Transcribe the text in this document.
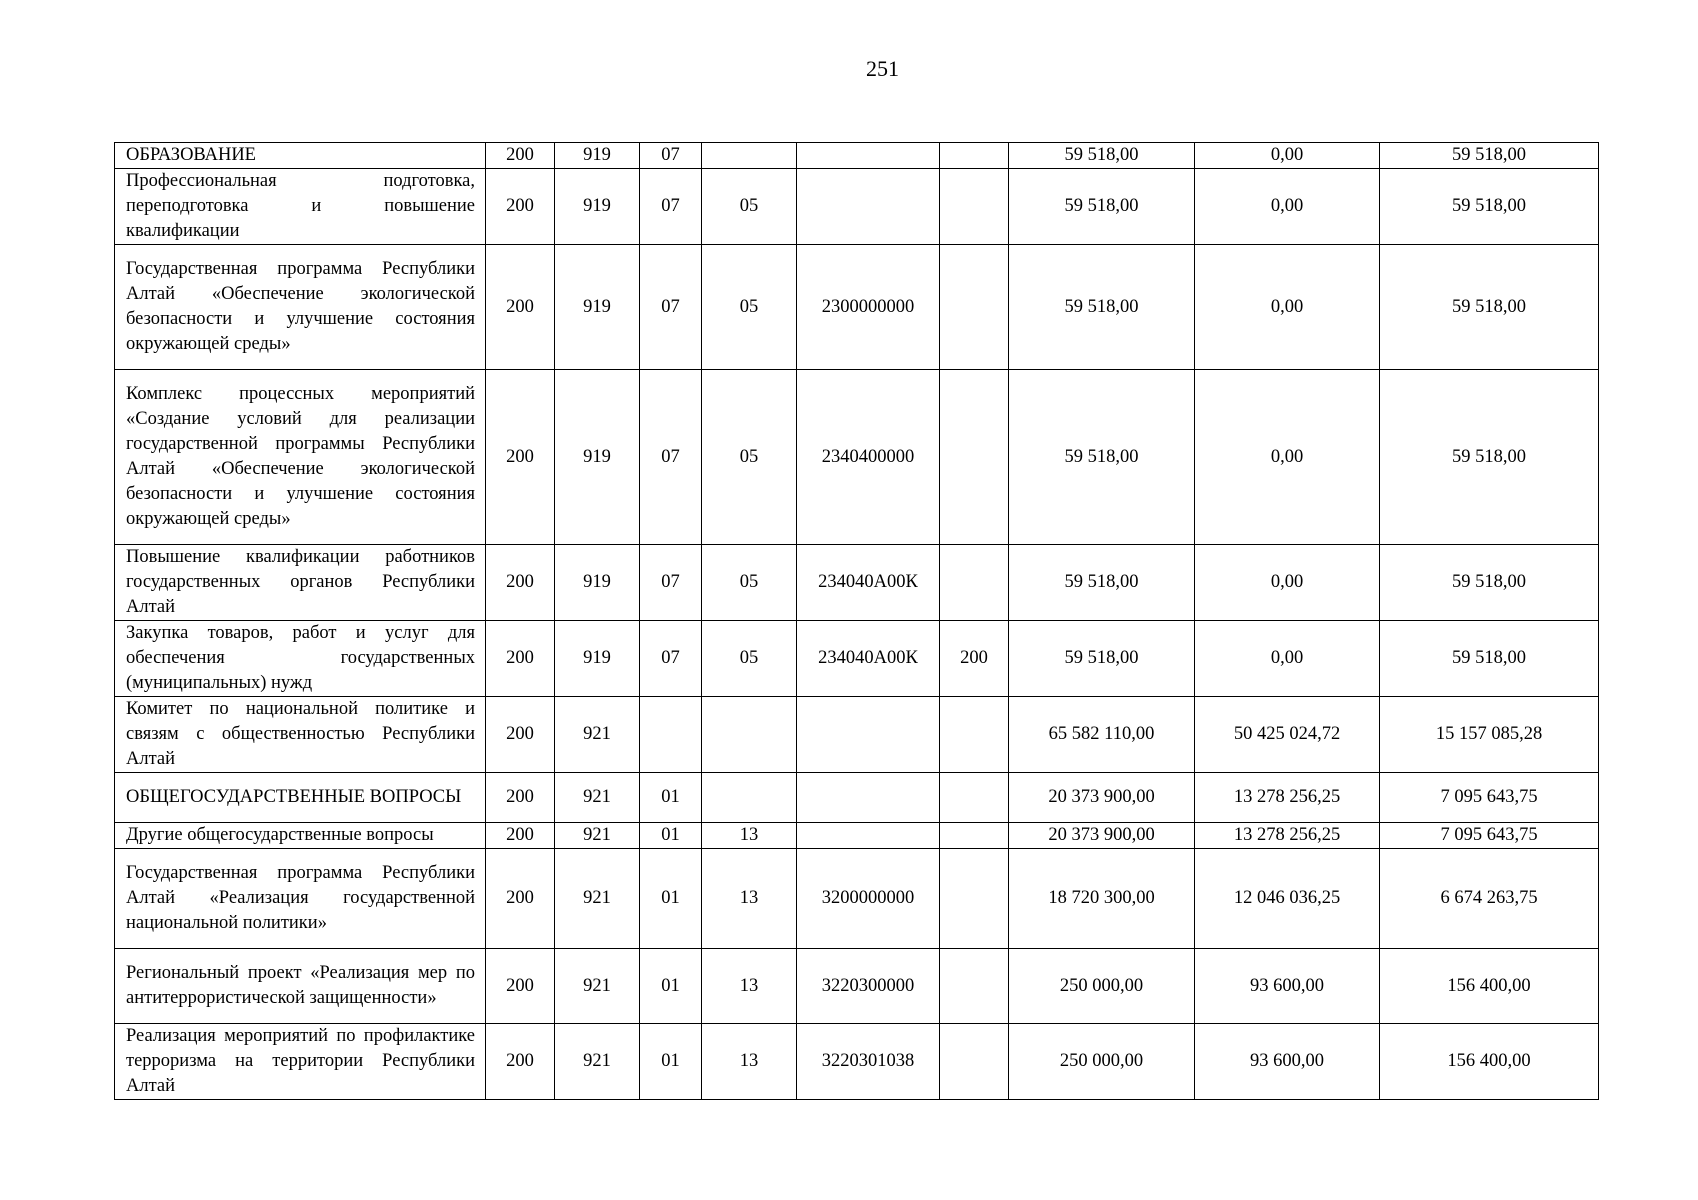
251
ОБРАЗОВАНИЕ	200	919	07				59 518,00	0,00	59 518,00
Профессиональная подготовка, переподготовка и повышение квалификации	200	919	07	05			59 518,00	0,00	59 518,00
Государственная программа Республики Алтай «Обеспечение экологической безопасности и улучшение состояния окружающей среды»	200	919	07	05	2300000000		59 518,00	0,00	59 518,00
Комплекс процессных мероприятий «Создание условий для реализации государственной программы Республики Алтай «Обеспечение экологической безопасности и улучшение состояния окружающей среды»	200	919	07	05	2340400000		59 518,00	0,00	59 518,00
Повышение квалификации работников государственных органов Республики Алтай	200	919	07	05	234040А00К		59 518,00	0,00	59 518,00
Закупка товаров, работ и услуг для обеспечения государственных (муниципальных) нужд	200	919	07	05	234040А00К	200	59 518,00	0,00	59 518,00
Комитет по национальной политике и связям с общественностью Республики Алтай	200	921					65 582 110,00	50 425 024,72	15 157 085,28
ОБЩЕГОСУДАРСТВЕННЫЕ ВОПРОСЫ	200	921	01				20 373 900,00	13 278 256,25	7 095 643,75
Другие общегосударственные вопросы	200	921	01	13			20 373 900,00	13 278 256,25	7 095 643,75
Государственная программа Республики Алтай «Реализация государственной национальной политики»	200	921	01	13	3200000000		18 720 300,00	12 046 036,25	6 674 263,75
Региональный проект «Реализация мер по антитеррористической защищенности»	200	921	01	13	3220300000		250 000,00	93 600,00	156 400,00
Реализация мероприятий по профилактике терроризма на территории Республики Алтай	200	921	01	13	3220301038		250 000,00	93 600,00	156 400,00
